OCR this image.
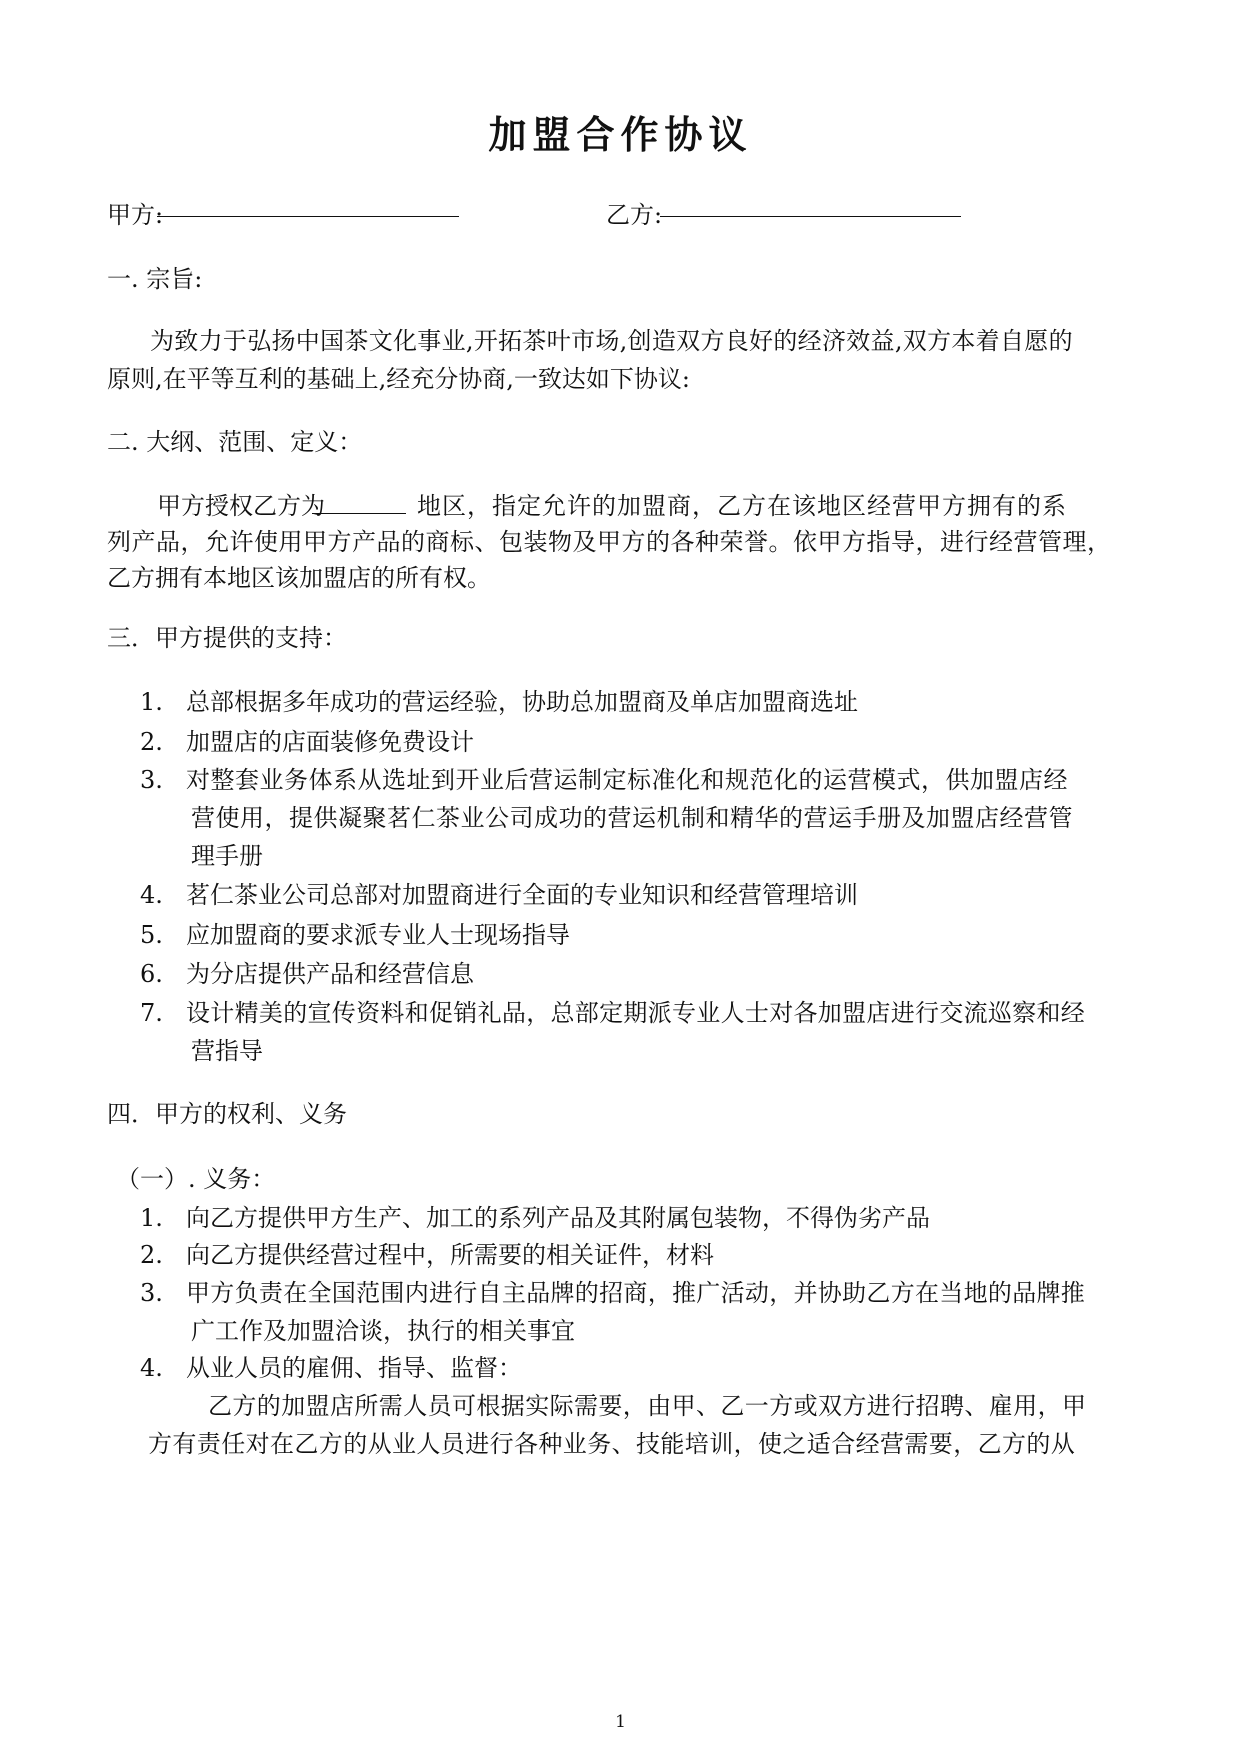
加盟合作协议
甲方:	乙方:
一. 宗旨:
为致力于弘扬中国茶文化事业,开拓茶叶市场,创造双方良好的经济效益,双方本着自愿的
原则,在平等互利的基础上,经充分协商,一致达如下协议:
二. 大纲、范围、定义：
甲方授权乙方为	地区，指定允许的加盟商，乙方在该地区经营甲方拥有的系
列产品，允许使用甲方产品的商标、包装物及甲方的各种荣誉。依甲方指导，进行经营管理，
乙方拥有本地区该加盟店的所有权。
三．甲方提供的支持：
1. 总部根据多年成功的营运经验，协助总加盟商及单店加盟商选址
2. 加盟店的店面装修免费设计
3. 对整套业务体系从选址到开业后营运制定标准化和规范化的运营模式，供加盟店经
营使用，提供凝聚茗仁茶业公司成功的营运机制和精华的营运手册及加盟店经营管
理手册
4. 茗仁茶业公司总部对加盟商进行全面的专业知识和经营管理培训
5. 应加盟商的要求派专业人士现场指导
6. 为分店提供产品和经营信息
7. 设计精美的宣传资料和促销礼品，总部定期派专业人士对各加盟店进行交流巡察和经
营指导
四．甲方的权利、义务
（一）. 义务：
1. 向乙方提供甲方生产、加工的系列产品及其附属包装物，不得伪劣产品
2. 向乙方提供经营过程中，所需要的相关证件，材料
3. 甲方负责在全国范围内进行自主品牌的招商，推广活动，并协助乙方在当地的品牌推
广工作及加盟洽谈，执行的相关事宜
4. 从业人员的雇佣、指导、监督：
乙方的加盟店所需人员可根据实际需要，由甲、乙一方或双方进行招聘、雇用，甲
方有责任对在乙方的从业人员进行各种业务、技能培训，使之适合经营需要，乙方的从
1
